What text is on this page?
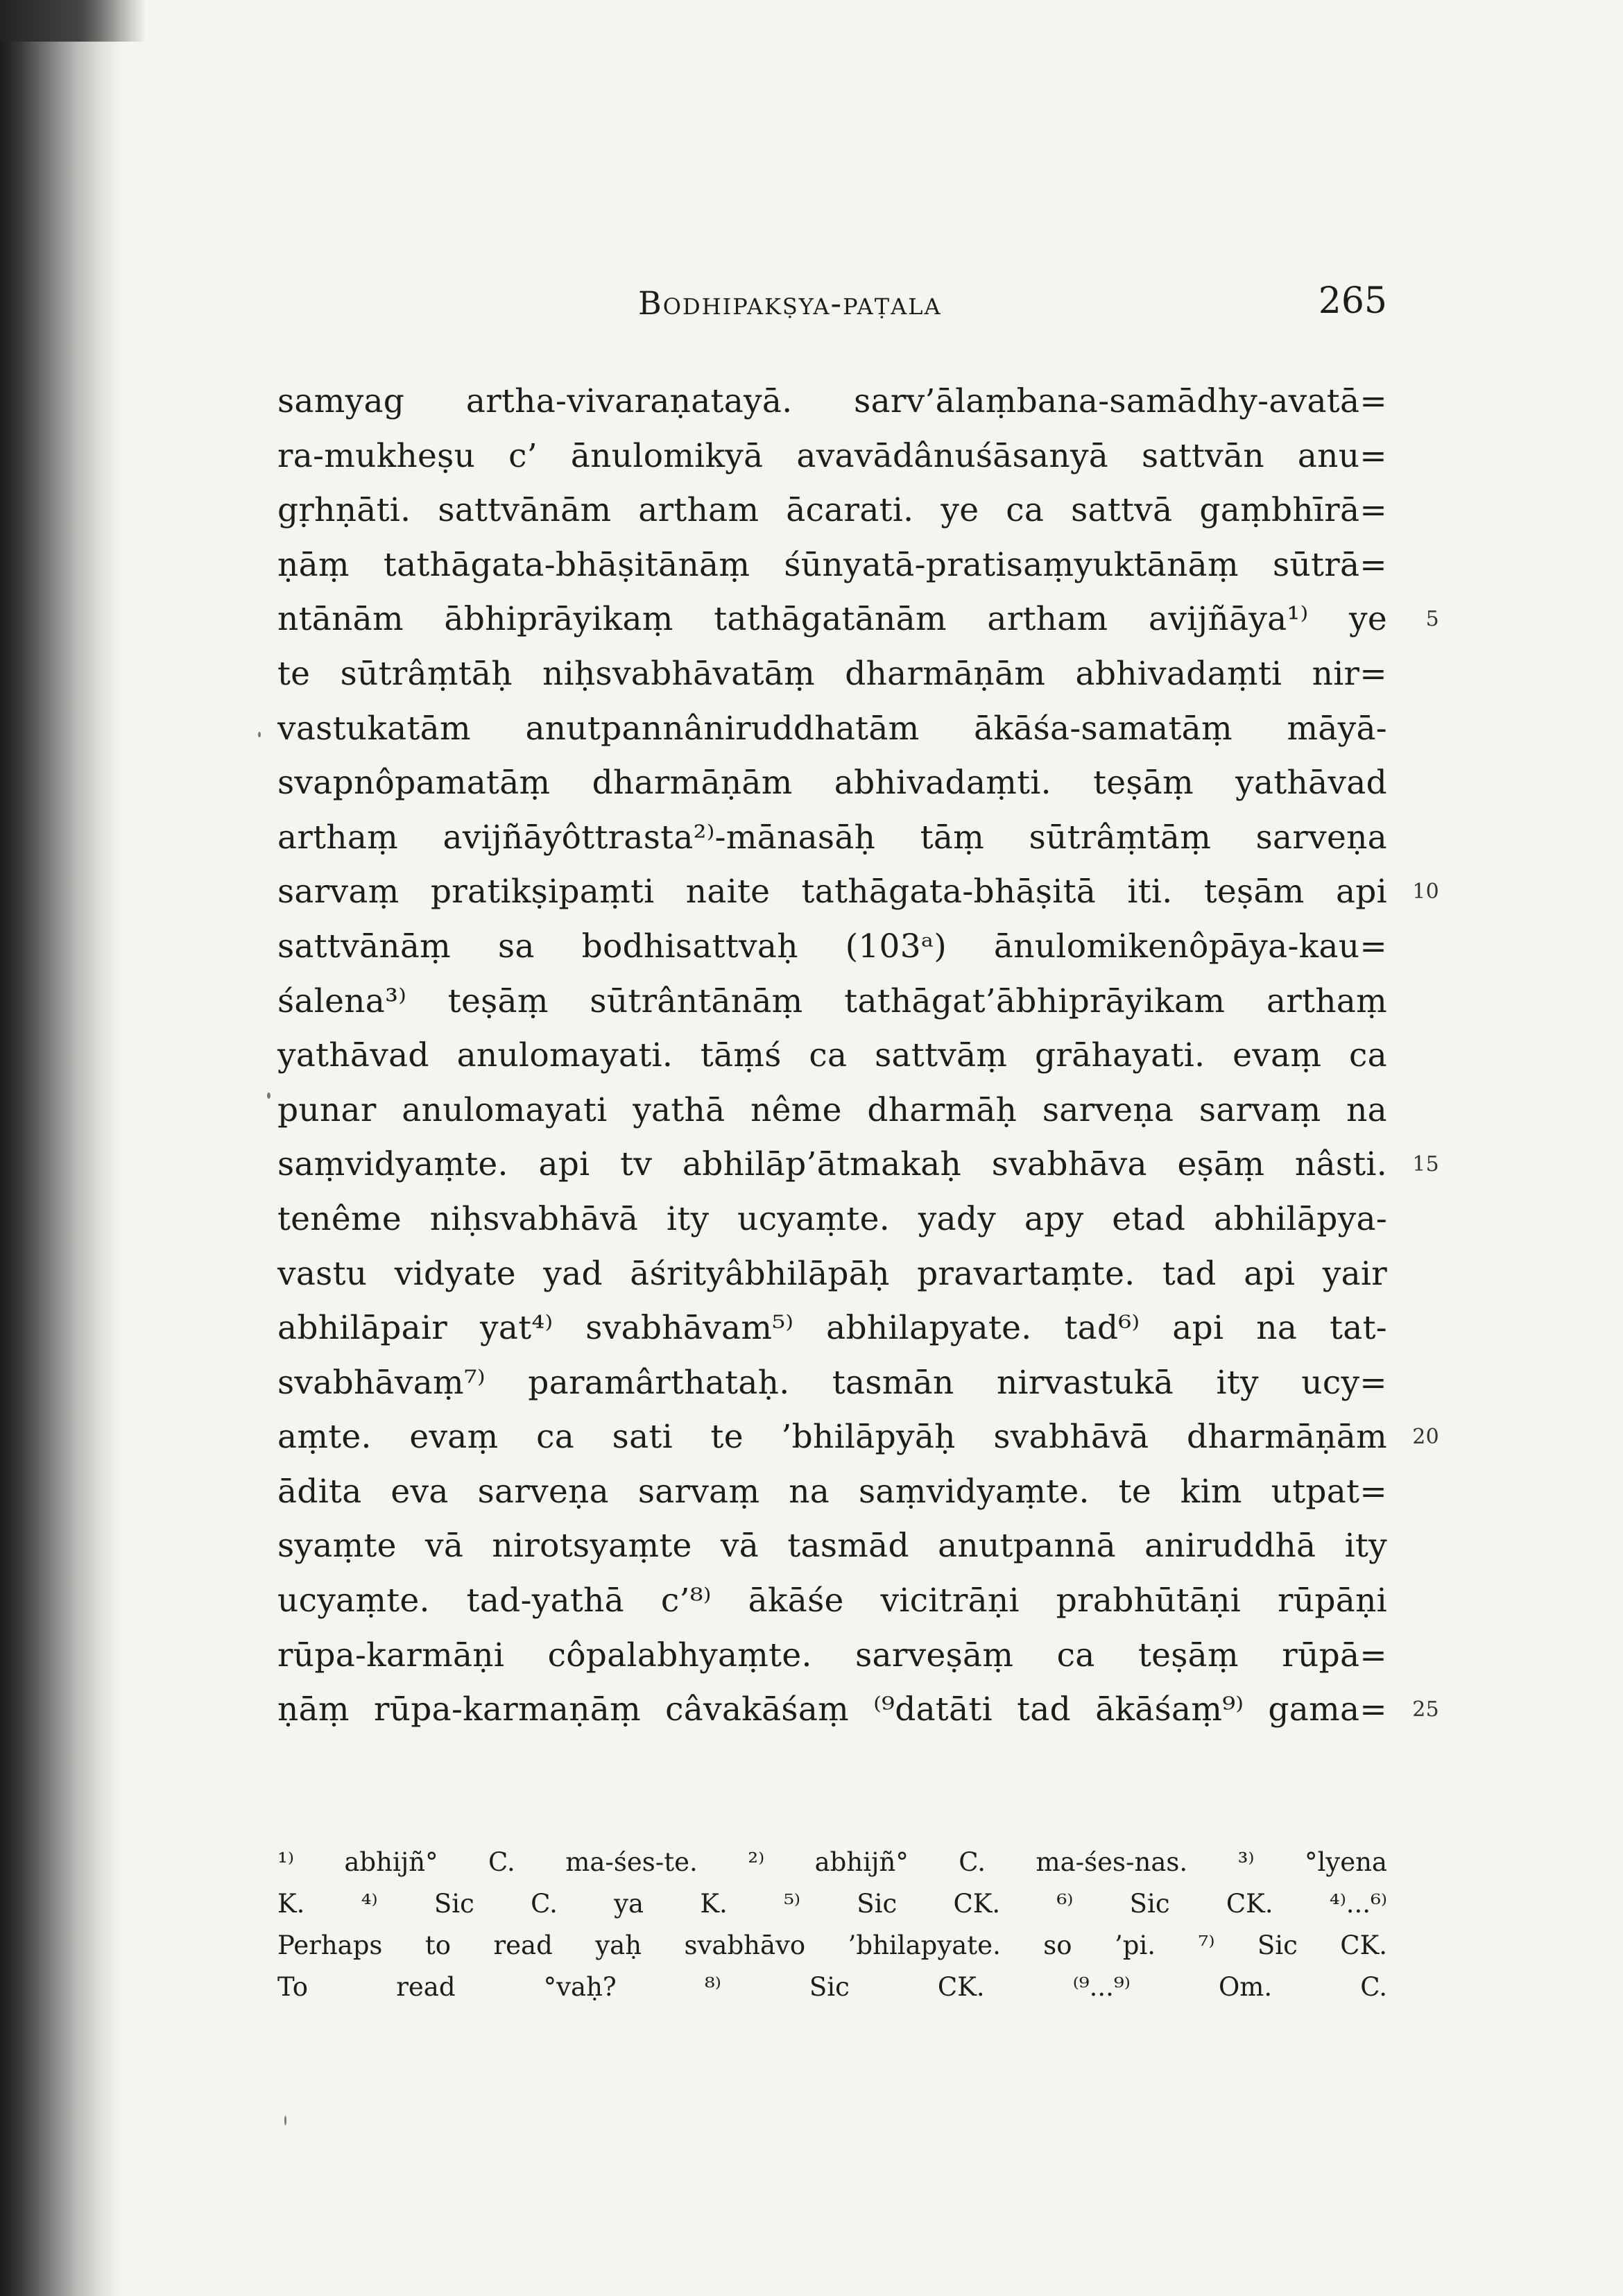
Bodhipakṣya-paṭala	265
samyag artha-vivaraṇatayā. sarv’ālaṃbana-samādhy-avatā=
ra-mukheṣu c’ ānulomikyā avavādânuśāsanyā sattvān anu=
gṛhṇāti. sattvānām artham ācarati. ye ca sattvā gaṃbhīrā=
ṇāṃ tathāgata-bhāṣitānāṃ śūnyatā-pratisaṃyuktānāṃ sūtrā=
ntānām ābhiprāyikaṃ tathāgatānām artham avijñāya¹⁾ ye 5
te sūtrâṃtāḥ niḥsvabhāvatāṃ dharmāṇām abhivadaṃti nir=
vastukatām anutpannâniruddhatām ākāśa-samatāṃ māyā-
svapnôpamatāṃ dharmāṇām abhivadaṃti. teṣāṃ yathāvad
arthaṃ avijñāyôttrasta²⁾-mānasāḥ tāṃ sūtrâṃtāṃ sarveṇa
sarvaṃ pratikṣipaṃti naite tathāgata-bhāṣitā iti. teṣām api 10
sattvānāṃ sa bodhisattvaḥ (103ᵃ) ānulomikenôpāya-kau=
śalena³⁾ teṣāṃ sūtrântānāṃ tathāgat’ābhiprāyikam arthaṃ
yathāvad anulomayati. tāṃś ca sattvāṃ grāhayati. evaṃ ca
punar anulomayati yathā nême dharmāḥ sarveṇa sarvaṃ na
saṃvidyaṃte. api tv abhilāp’ātmakaḥ svabhāva eṣāṃ nâsti. 15
tenême niḥsvabhāvā ity ucyaṃte. yady apy etad abhilāpya-
vastu vidyate yad āśrityâbhilāpāḥ pravartaṃte. tad api yair
abhilāpair yat⁴⁾ svabhāvam⁵⁾ abhilapyate. tad⁶⁾ api na tat-
svabhāvaṃ⁷⁾ paramârthataḥ. tasmān nirvastukā ity ucy=
aṃte. evaṃ ca sati te ’bhilāpyāḥ svabhāvā dharmāṇām 20
ādita eva sarveṇa sarvaṃ na saṃvidyaṃte. te kim utpat=
syaṃte vā nirotsyaṃte vā tasmād anutpannā aniruddhā ity
ucyaṃte. tad-yathā c’⁸⁾ ākāśe vicitrāṇi prabhūtāṇi rūpāṇi
rūpa-karmāṇi côpalabhyaṃte. sarveṣāṃ ca teṣāṃ rūpā=
ṇāṃ rūpa-karmaṇāṃ câvakāśaṃ ⁽⁹datāti tad ākāśaṃ⁹⁾ gama= 25
¹⁾ abhijñ° C. ma-śes-te. ²⁾ abhijñ° C. ma-śes-nas. ³⁾ °lyena
K. ⁴⁾ Sic C. ya K. ⁵⁾ Sic CK. ⁶⁾ Sic CK. ⁴⁾...⁶⁾
Perhaps to read yaḥ svabhāvo ’bhilapyate. so ’pi. ⁷⁾ Sic CK.
To read °vaḥ? ⁸⁾ Sic CK. ⁽⁹...⁹⁾ Om. C.
